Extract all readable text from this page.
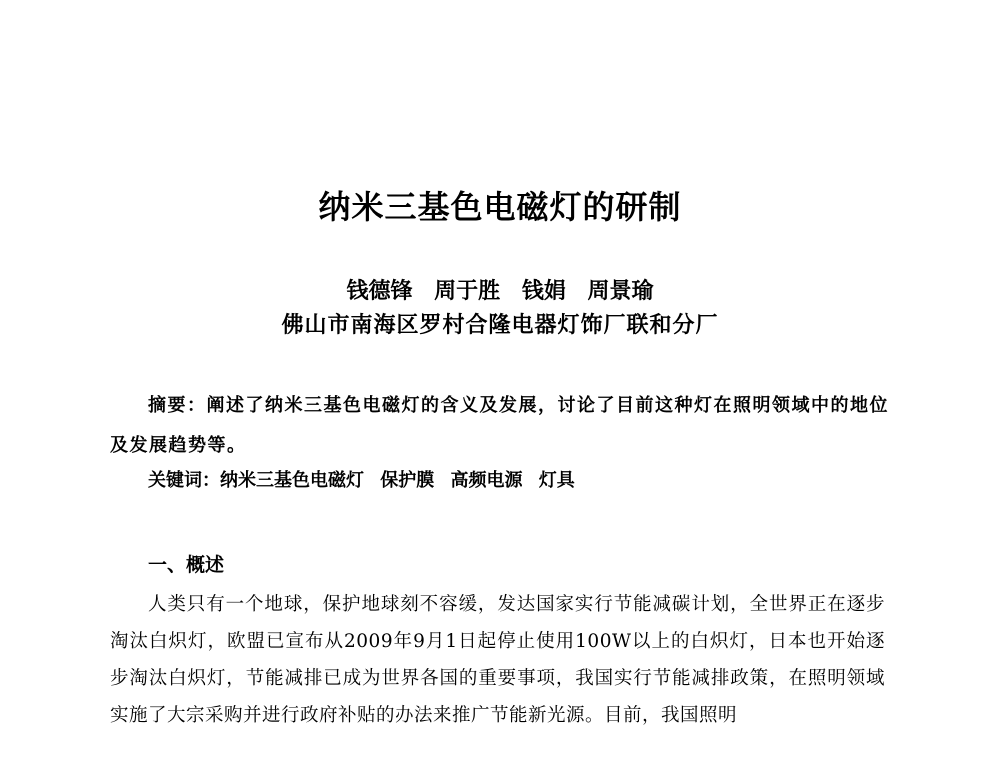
纳米三基色电磁灯的研制
钱德锋 周于胜 钱娟 周景瑜
佛山市南海区罗村合隆电器灯饰厂联和分厂

摘要：阐述了纳米三基色电磁灯的含义及发展，讨论了目前这种灯在照明领域中的地位及发展趋势等。

关键词：纳米三基色电磁灯 保护膜 高频电源 灯具

一、概述

人类只有一个地球，保护地球刻不容缓，发达国家实行节能减碳计划，全世界正在逐步淘汰白炽灯，欧盟已宣布从2009年9月1日起停止使用100W以上的白炽灯，日本也开始逐步淘汰白炽灯，节能减排已成为世界各国的重要事项，我国实行节能减排政策，在照明领域实施了大宗采购并进行政府补贴的办法来推广节能新光源。目前，我国照明
